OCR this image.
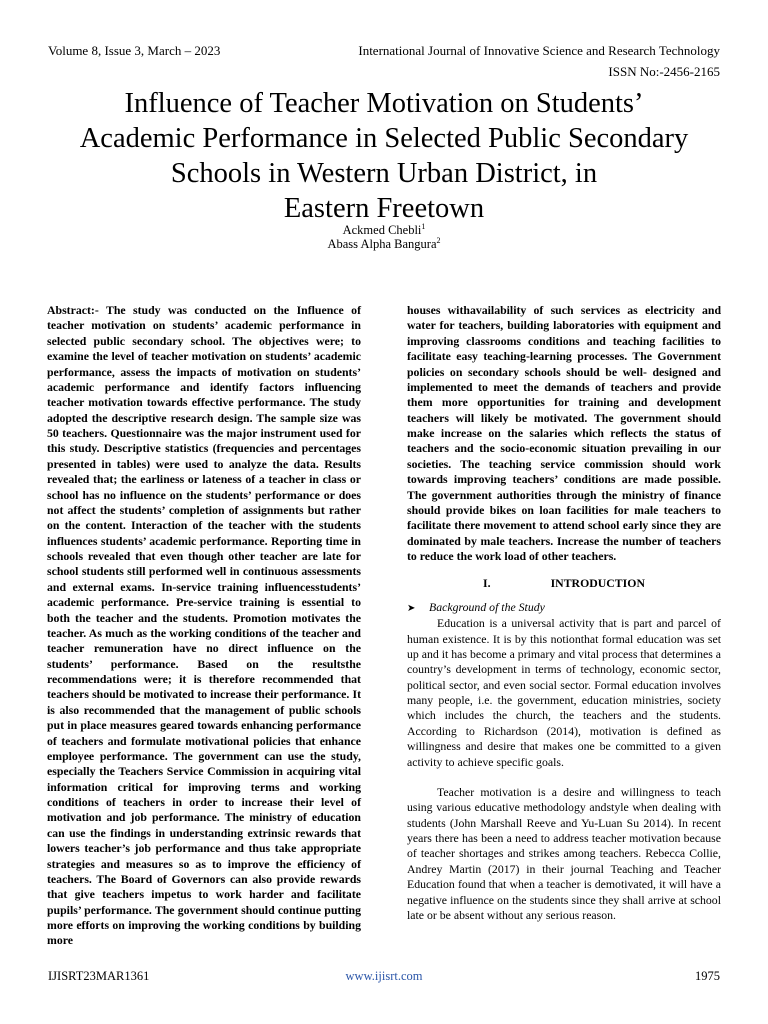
Volume 8, Issue 3, March – 2023	International Journal of Innovative Science and Research Technology
ISSN No:-2456-2165
Influence of Teacher Motivation on Students’
Academic Performance in Selected Public Secondary
Schools in Western Urban District, in
Eastern Freetown
Ackmed Chebli$^1$
Abass Alpha Bangura$^2$

Abstract:- The study was conducted on the Influence of teacher motivation on students’ academic performance in selected public secondary school. The objectives were; to examine the level of teacher motivation on students’ academic performance, assess the impacts of motivation on students’ academic performance and identify factors influencing teacher motivation towards effective performance. The study adopted the descriptive research design. The sample size was 50 teachers. Questionnaire was the major instrument used for this study. Descriptive statistics (frequencies and percentages presented in tables) were used to analyze the data. Results revealed that; the earliness or lateness of a teacher in class or school has no influence on the students’ performance or does not affect the students’ completion of assignments but rather on the content. Interaction of the teacher with the students influences students’ academic performance. Reporting time in schools revealed that even though other teacher are late for school students still performed well in continuous assessments and external exams. In-service training influencesstudents’ academic performance. Pre-service training is essential to both the teacher and the students. Promotion motivates the teacher. As much as the working conditions of the teacher and teacher remuneration have no direct influence on the students’ performance. Based on the resultsthe recommendations were; it is therefore recommended that teachers should be motivated to increase their performance. It is also recommended that the management of public schools put in place measures geared towards enhancing performance of teachers and formulate motivational policies that enhance employee performance. The government can use the study, especially the Teachers Service Commission in acquiring vital information critical for improving terms and working conditions of teachers in order to increase their level of motivation and job performance. The ministry of education can use the findings in understanding extrinsic rewards that lowers teacher’s job performance and thus take appropriate strategies and measures so as to improve the efficiency of teachers. The Board of Governors can also provide rewards that give teachers impetus to work harder and facilitate pupils’ performance. The government should continue putting more efforts on improving the working conditions by building more

houses withavailability of such services as electricity and water for teachers, building laboratories with equipment and improving classrooms conditions and teaching facilities to facilitate easy teaching-learning processes. The Government policies on secondary schools should be well- designed and implemented to meet the demands of teachers and provide them more opportunities for training and development teachers will likely be motivated. The government should make increase on the salaries which reflects the status of teachers and the socio-economic situation prevailing in our societies. The teaching service commission should work towards improving teachers’ conditions are made possible. The government authorities through the ministry of finance should provide bikes on loan facilities for male teachers to facilitate there movement to attend school early since they are dominated by male teachers. Increase the number of teachers to reduce the work load of other teachers.

I.	INTRODUCTION
➤	Background of the Study

Education is a universal activity that is part and parcel of human existence. It is by this notionthat formal education was set up and it has become a primary and vital process that determines a country’s development in terms of technology, economic sector, political sector, and even social sector. Formal education involves many people, i.e. the government, education ministries, society which includes the church, the teachers and the students. According to Richardson (2014), motivation is defined as willingness and desire that makes one be committed to a given activity to achieve specific goals.

Teacher motivation is a desire and willingness to teach using various educative methodology andstyle when dealing with students (John Marshall Reeve and Yu-Luan Su 2014). In recent years there has been a need to address teacher motivation because of teacher shortages and strikes among teachers. Rebecca Collie, Andrey Martin (2017) in their journal Teaching and Teacher Education found that when a teacher is demotivated, it will have a negative influence on the students since they shall arrive at school late or be absent without any serious reason.

IJISRT23MAR1361	www.ijisrt.com	1975
